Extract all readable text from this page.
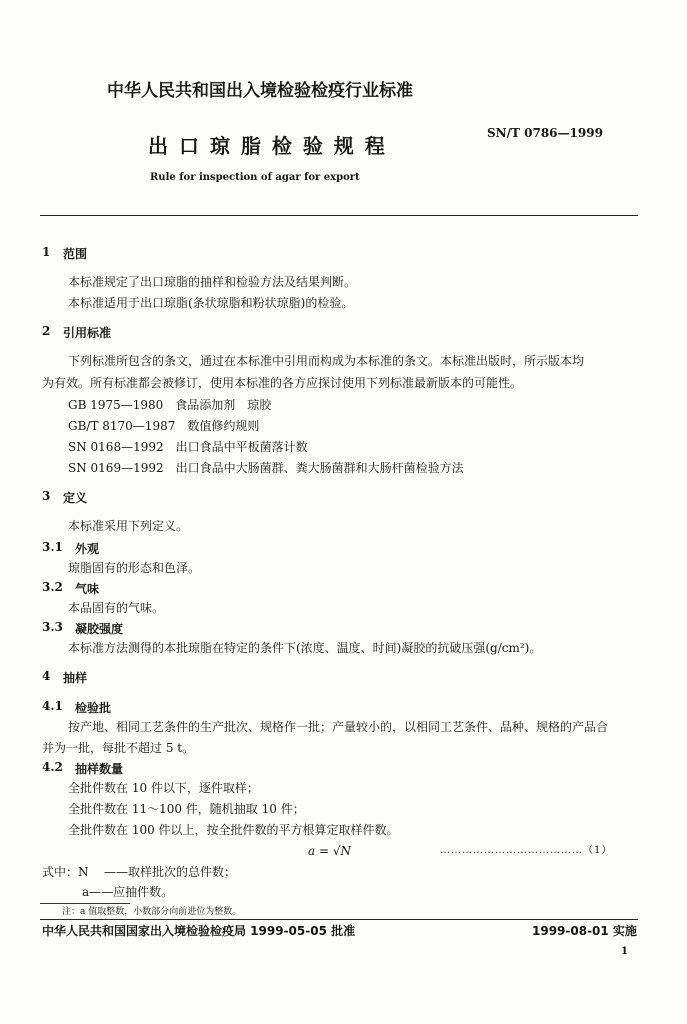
中华人民共和国出入境检验检疫行业标准
出 口 琼 脂 检 验 规 程
SN/T 0786—1999
Rule for inspection of agar for export
1 范围
本标准规定了出口琼脂的抽样和检验方法及结果判断。
本标准适用于出口琼脂(条状琼脂和粉状琼脂)的检验。
2 引用标准
下列标准所包含的条文，通过在本标准中引用而构成为本标准的条文。本标准出版时，所示版本均
为有效。所有标准都会被修订，使用本标准的各方应探讨使用下列标准最新版本的可能性。
GB 1975—1980　食品添加剂　琼胶
GB/T 8170—1987　数值修约规则
SN 0168—1992　出口食品中平板菌落计数
SN 0169—1992　出口食品中大肠菌群、粪大肠菌群和大肠杆菌检验方法
3 定义
本标准采用下列定义。
3.1 外观
琼脂固有的形态和色泽。
3.2 气味
本品固有的气味。
3.3 凝胶强度
本标准方法测得的本批琼脂在特定的条件下(浓度、温度、时间)凝胶的抗破压强(g/cm²)。
4 抽样
4.1 检验批
按产地、相同工艺条件的生产批次、规格作一批；产量较小的，以相同工艺条件、品种、规格的产品合
并为一批，每批不超过 5 t。
4.2 抽样数量
全批件数在 10 件以下，逐件取样；
全批件数在 11～100 件，随机抽取 10 件；
全批件数在 100 件以上，按全批件数的平方根算定取样件数。
a = √N	…………………………………（1）
式中：N ——取样批次的总件数；
a——应抽件数。
注：a 值取整数，小数部分向前进位为整数。
中华人民共和国国家出入境检验检疫局 1999-05-05 批准	1999-08-01 实施
1
